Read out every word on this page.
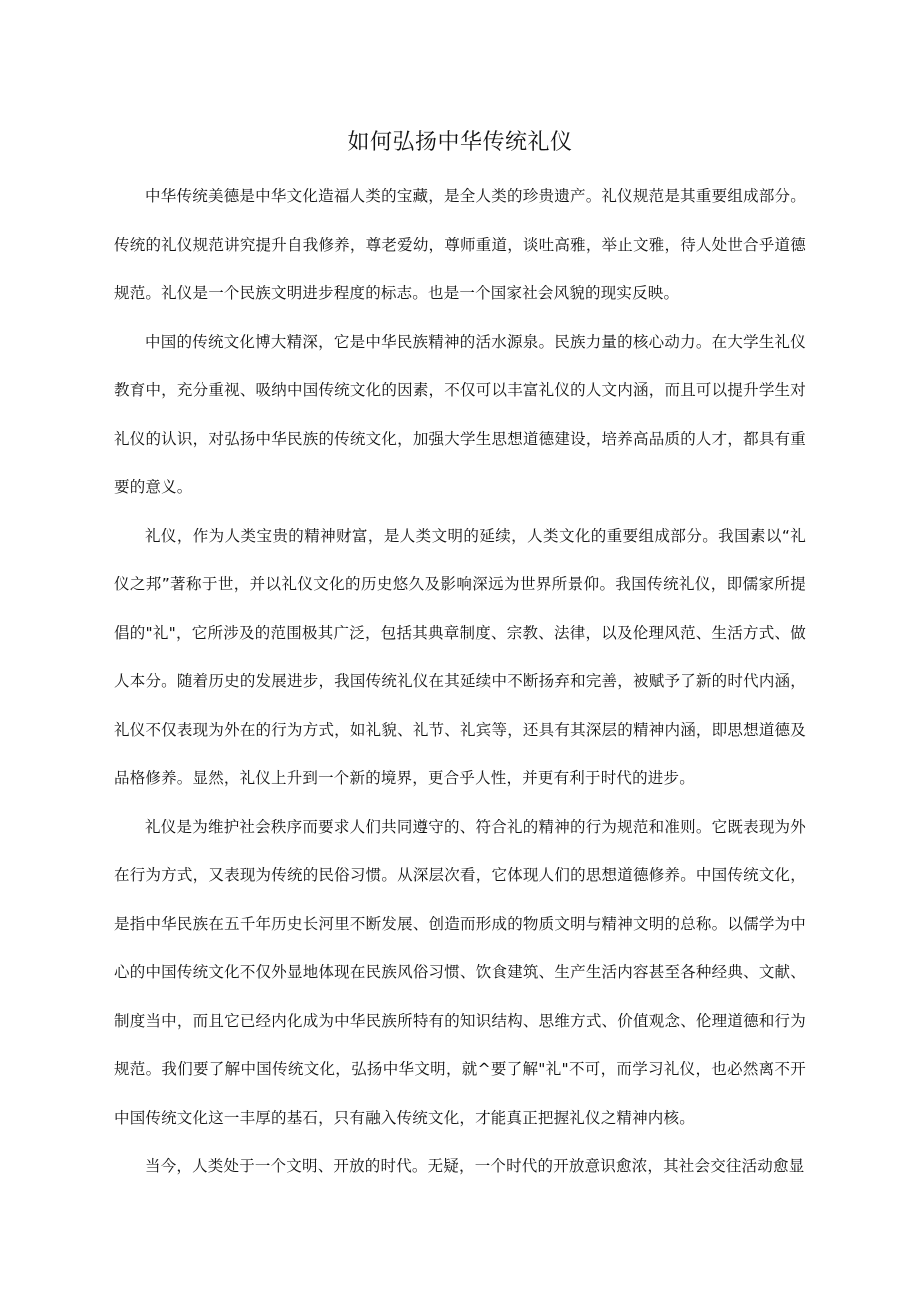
如何弘扬中华传统礼仪

中华传统美德是中华文化造福人类的宝藏，是全人类的珍贵遗产。礼仪规范是其重要组成部分。传统的礼仪规范讲究提升自我修养，尊老爱幼，尊师重道，谈吐高雅，举止文雅，待人处世合乎道德规范。礼仪是一个民族文明进步程度的标志。也是一个国家社会风貌的现实反映。

中国的传统文化博大精深，它是中华民族精神的活水源泉。民族力量的核心动力。在大学生礼仪教育中，充分重视、吸纳中国传统文化的因素，不仅可以丰富礼仪的人文内涵，而且可以提升学生对礼仪的认识，对弘扬中华民族的传统文化，加强大学生思想道德建设，培养高品质的人才，都具有重要的意义。

礼仪，作为人类宝贵的精神财富，是人类文明的延续，人类文化的重要组成部分。我国素以“礼仪之邦”著称于世，并以礼仪文化的历史悠久及影响深远为世界所景仰。我国传统礼仪，即儒家所提倡的"礼"，它所涉及的范围极其广泛，包括其典章制度、宗教、法律，以及伦理风范、生活方式、做人本分。随着历史的发展进步，我国传统礼仪在其延续中不断扬弃和完善，被赋予了新的时代内涵，礼仪不仅表现为外在的行为方式，如礼貌、礼节、礼宾等，还具有其深层的精神内涵，即思想道德及品格修养。显然，礼仪上升到一个新的境界，更合乎人性，并更有利于时代的进步。

礼仪是为维护社会秩序而要求人们共同遵守的、符合礼的精神的行为规范和准则。它既表现为外在行为方式，又表现为传统的民俗习惯。从深层次看，它体现人们的思想道德修养。中国传统文化，是指中华民族在五千年历史长河里不断发展、创造而形成的物质文明与精神文明的总称。以儒学为中心的中国传统文化不仅外显地体现在民族风俗习惯、饮食建筑、生产生活内容甚至各种经典、文献、制度当中，而且它已经内化成为中华民族所特有的知识结构、思维方式、价值观念、伦理道德和行为规范。我们要了解中国传统文化，弘扬中华文明，就^要了解"礼"不可，而学习礼仪，也必然离不开中国传统文化这一丰厚的基石，只有融入传统文化，才能真正把握礼仪之精神内核。

当今，人类处于一个文明、开放的时代。无疑，一个时代的开放意识愈浓，其社会交往活动愈显
